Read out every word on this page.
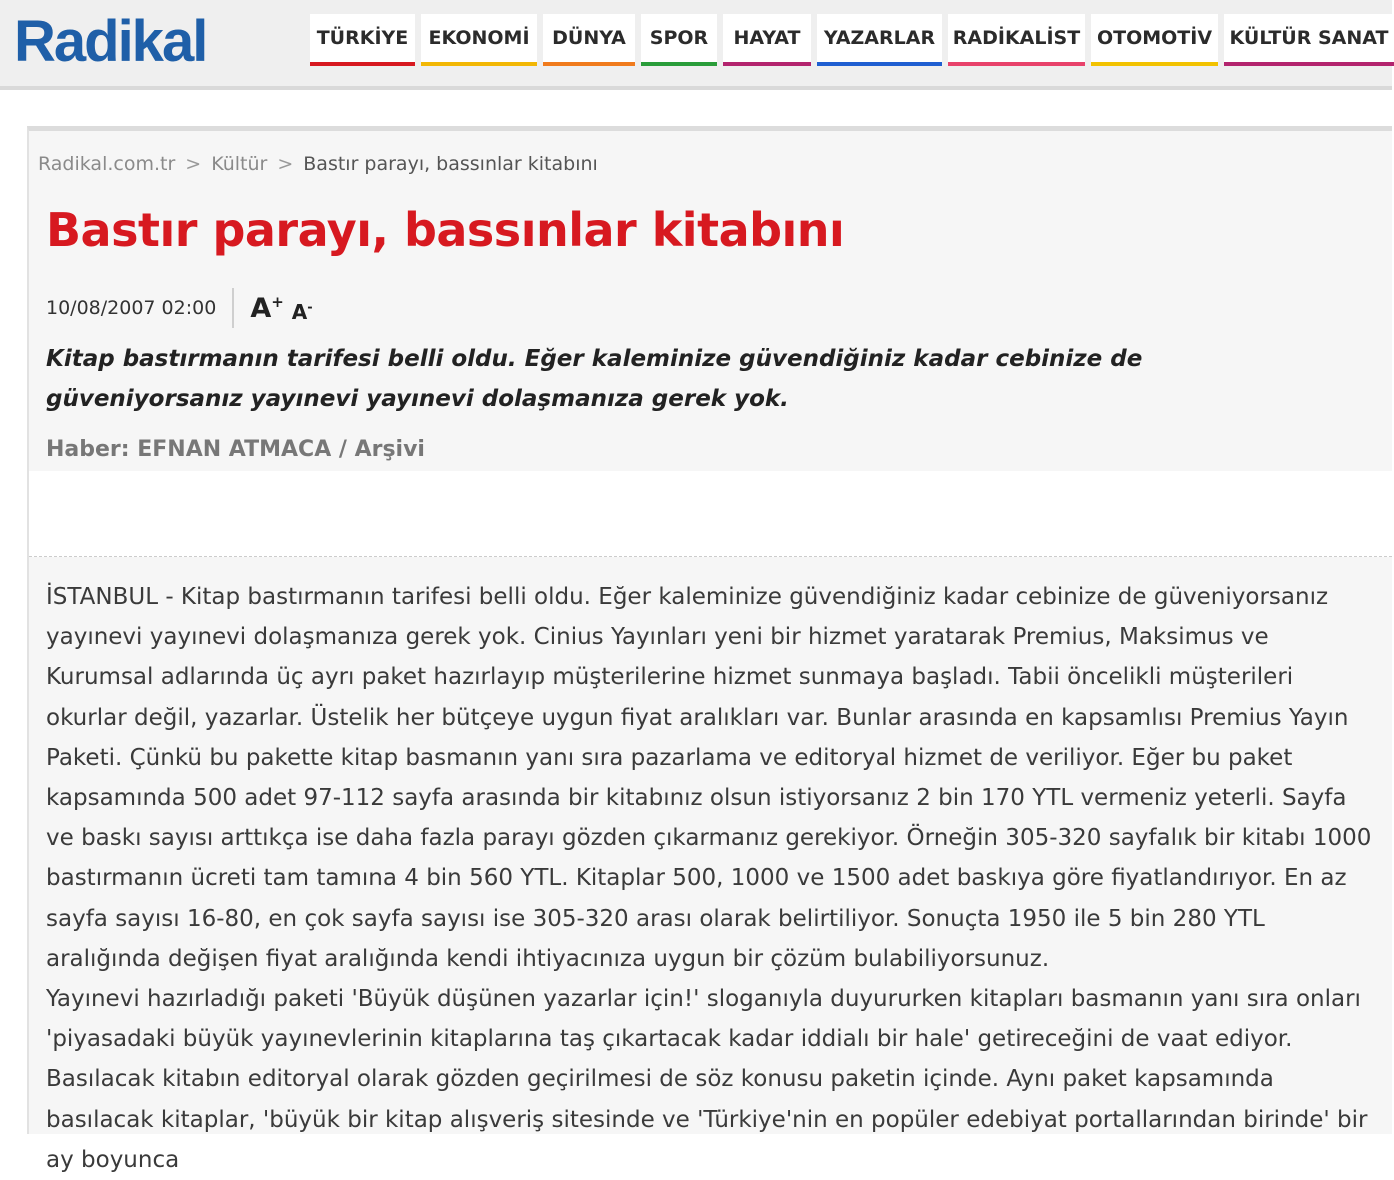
Radikal	TÜRKİYE EKONOMİ DÜNYA SPOR HAYAT YAZARLAR RADİKALİST OTOMOTİV KÜLTÜR SANAT
Radikal.com.tr > Kültür > Bastır parayı, bassınlar kitabını
Bastır parayı, bassınlar kitabını
10/08/2007 02:00	A+ A-
Kitap bastırmanın tarifesi belli oldu. Eğer kaleminize güvendiğiniz kadar cebinize de güveniyorsanız yayınevi yayınevi dolaşmanıza gerek yok.
Haber: EFNAN ATMACA / Arşivi

İSTANBUL - Kitap bastırmanın tarifesi belli oldu. Eğer kaleminize güvendiğiniz kadar cebinize de güveniyorsanız yayınevi yayınevi dolaşmanıza gerek yok. Cinius Yayınları yeni bir hizmet yaratarak Premius, Maksimus ve Kurumsal adlarında üç ayrı paket hazırlayıp müşterilerine hizmet sunmaya başladı. Tabii öncelikli müşterileri okurlar değil, yazarlar. Üstelik her bütçeye uygun fiyat aralıkları var. Bunlar arasında en kapsamlısı Premius Yayın Paketi. Çünkü bu pakette kitap basmanın yanı sıra pazarlama ve editoryal hizmet de veriliyor. Eğer bu paket kapsamında 500 adet 97-112 sayfa arasında bir kitabınız olsun istiyorsanız 2 bin 170 YTL vermeniz yeterli. Sayfa ve baskı sayısı arttıkça ise daha fazla parayı gözden çıkarmanız gerekiyor. Örneğin 305-320 sayfalık bir kitabı 1000 bastırmanın ücreti tam tamına 4 bin 560 YTL. Kitaplar 500, 1000 ve 1500 adet baskıya göre fiyatlandırıyor. En az sayfa sayısı 16-80, en çok sayfa sayısı ise 305-320 arası olarak belirtiliyor. Sonuçta 1950 ile 5 bin 280 YTL aralığında değişen fiyat aralığında kendi ihtiyacınıza uygun bir çözüm bulabiliyorsunuz.

Yayınevi hazırladığı paketi 'Büyük düşünen yazarlar için!' sloganıyla duyururken kitapları basmanın yanı sıra onları 'piyasadaki büyük yayınevlerinin kitaplarına taş çıkartacak kadar iddialı bir hale' getireceğini de vaat ediyor.

Basılacak kitabın editoryal olarak gözden geçirilmesi de söz konusu paketin içinde. Aynı paket kapsamında basılacak kitaplar, 'büyük bir kitap alışveriş sitesinde ve 'Türkiye'nin en popüler edebiyat portallarından birinde' bir ay boyunca
